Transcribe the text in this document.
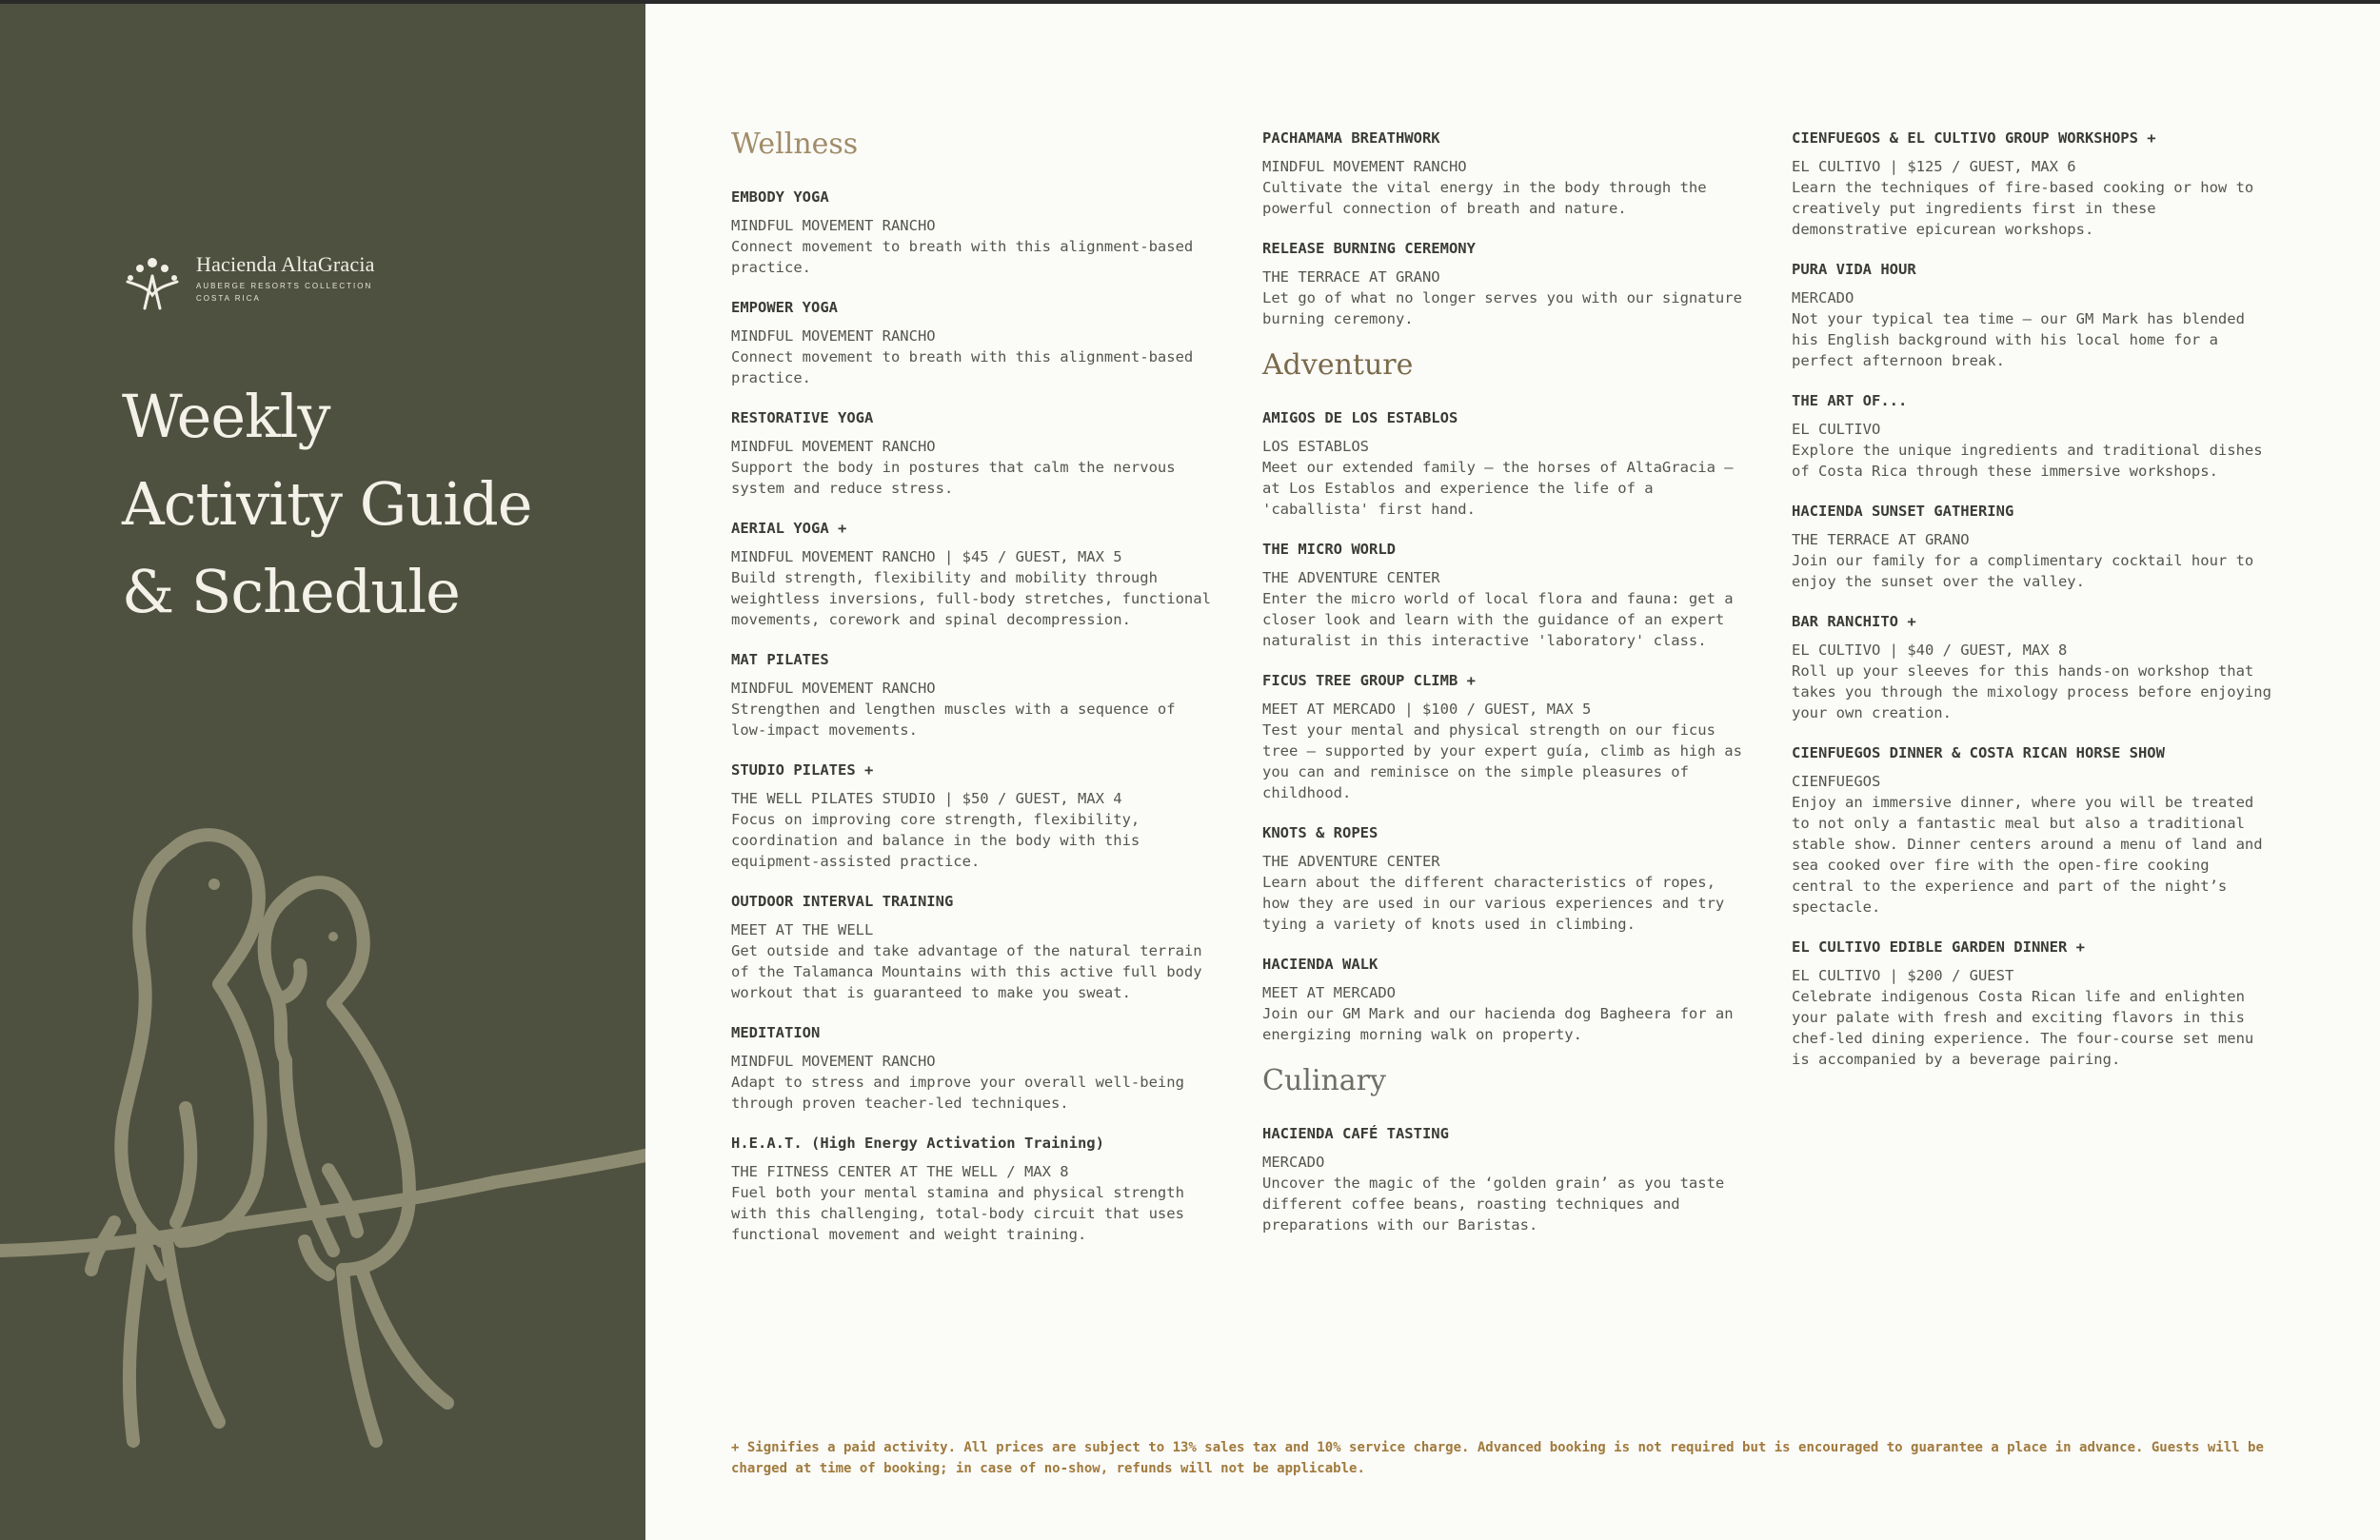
Hacienda AltaGracia
AUBERGE RESORTS COLLECTION
COSTA RICA
Weekly
Activity Guide
& Schedule
Wellness
EMBODY YOGA
MINDFUL MOVEMENT RANCHO
Connect movement to breath with this alignment-based practice.
EMPOWER YOGA
MINDFUL MOVEMENT RANCHO
Connect movement to breath with this alignment-based practice.
RESTORATIVE YOGA
MINDFUL MOVEMENT RANCHO
Support the body in postures that calm the nervous system and reduce stress.
AERIAL YOGA +
MINDFUL MOVEMENT RANCHO | $45 / GUEST, MAX 5
Build strength, flexibility and mobility through weightless inversions, full-body stretches, functional movements, corework and spinal decompression.
MAT PILATES
MINDFUL MOVEMENT RANCHO
Strengthen and lengthen muscles with a sequence of low-impact movements.
STUDIO PILATES +
THE WELL PILATES STUDIO | $50 / GUEST, MAX 4
Focus on improving core strength, flexibility, coordination and balance in the body with this equipment-assisted practice.
OUTDOOR INTERVAL TRAINING
MEET AT THE WELL
Get outside and take advantage of the natural terrain of the Talamanca Mountains with this active full body workout that is guaranteed to make you sweat.
MEDITATION
MINDFUL MOVEMENT RANCHO
Adapt to stress and improve your overall well-being through proven teacher-led techniques.
H.E.A.T. (High Energy Activation Training)
THE FITNESS CENTER AT THE WELL / MAX 8
Fuel both your mental stamina and physical strength with this challenging, total-body circuit that uses functional movement and weight training.
PACHAMAMA BREATHWORK
MINDFUL MOVEMENT RANCHO
Cultivate the vital energy in the body through the powerful connection of breath and nature.
RELEASE BURNING CEREMONY
THE TERRACE AT GRANO
Let go of what no longer serves you with our signature burning ceremony.
Adventure
AMIGOS DE LOS ESTABLOS
LOS ESTABLOS
Meet our extended family – the horses of AltaGracia – at Los Establos and experience the life of a 'caballista' first hand.
THE MICRO WORLD
THE ADVENTURE CENTER
Enter the micro world of local flora and fauna: get a closer look and learn with the guidance of an expert naturalist in this interactive 'laboratory' class.
FICUS TREE GROUP CLIMB +
MEET AT MERCADO | $100 / GUEST, MAX 5
Test your mental and physical strength on our ficus tree – supported by your expert guía, climb as high as you can and reminisce on the simple pleasures of childhood.
KNOTS & ROPES
THE ADVENTURE CENTER
Learn about the different characteristics of ropes, how they are used in our various experiences and try tying a variety of knots used in climbing.
HACIENDA WALK
MEET AT MERCADO
Join our GM Mark and our hacienda dog Bagheera for an energizing morning walk on property.
Culinary
HACIENDA CAFÉ TASTING
MERCADO
Uncover the magic of the ‘golden grain’ as you taste different coffee beans, roasting techniques and preparations with our Baristas.
CIENFUEGOS & EL CULTIVO GROUP WORKSHOPS +
EL CULTIVO | $125 / GUEST, MAX 6
Learn the techniques of fire-based cooking or how to creatively put ingredients first in these demonstrative epicurean workshops.
PURA VIDA HOUR
MERCADO
Not your typical tea time – our GM Mark has blended his English background with his local home for a perfect afternoon break.
THE ART OF...
EL CULTIVO
Explore the unique ingredients and traditional dishes of Costa Rica through these immersive workshops.
HACIENDA SUNSET GATHERING
THE TERRACE AT GRANO
Join our family for a complimentary cocktail hour to enjoy the sunset over the valley.
BAR RANCHITO +
EL CULTIVO | $40 / GUEST, MAX 8
Roll up your sleeves for this hands-on workshop that takes you through the mixology process before enjoying your own creation.
CIENFUEGOS DINNER & COSTA RICAN HORSE SHOW
CIENFUEGOS
Enjoy an immersive dinner, where you will be treated to not only a fantastic meal but also a traditional stable show. Dinner centers around a menu of land and sea cooked over fire with the open-fire cooking central to the experience and part of the night’s spectacle.
EL CULTIVO EDIBLE GARDEN DINNER +
EL CULTIVO | $200 / GUEST
Celebrate indigenous Costa Rican life and enlighten your palate with fresh and exciting flavors in this chef-led dining experience. The four-course set menu is accompanied by a beverage pairing.

+ Signifies a paid activity. All prices are subject to 13% sales tax and 10% service charge. Advanced booking is not required but is encouraged to guarantee a place in advance. Guests will be charged at time of booking; in case of no-show, refunds will not be applicable.
